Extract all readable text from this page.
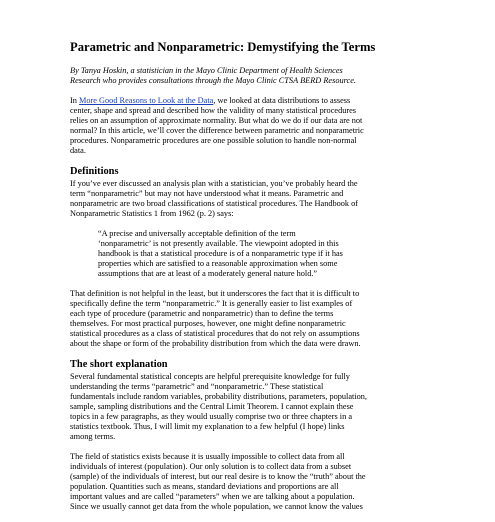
Parametric and Nonparametric: Demystifying the Terms
By Tanya Hoskin, a statistician in the Mayo Clinic Department of Health Sciences
Research who provides consultations through the Mayo Clinic CTSA BERD Resource.
In More Good Reasons to Look at the Data, we looked at data distributions to assess
center, shape and spread and described how the validity of many statistical procedures
relies on an assumption of approximate normality. But what do we do if our data are not
normal? In this article, we’ll cover the difference between parametric and nonparametric
procedures. Nonparametric procedures are one possible solution to handle non-normal
data.
Definitions
If you’ve ever discussed an analysis plan with a statistician, you’ve probably heard the
term “nonparametric” but may not have understood what it means. Parametric and
nonparametric are two broad classifications of statistical procedures. The Handbook of
Nonparametric Statistics 1 from 1962 (p. 2) says:
“A precise and universally acceptable definition of the term
‘nonparametric’ is not presently available. The viewpoint adopted in this
handbook is that a statistical procedure is of a nonparametric type if it has
properties which are satisfied to a reasonable approximation when some
assumptions that are at least of a moderately general nature hold.”
That definition is not helpful in the least, but it underscores the fact that it is difficult to
specifically define the term “nonparametric.” It is generally easier to list examples of
each type of procedure (parametric and nonparametric) than to define the terms
themselves. For most practical purposes, however, one might define nonparametric
statistical procedures as a class of statistical procedures that do not rely on assumptions
about the shape or form of the probability distribution from which the data were drawn.
The short explanation
Several fundamental statistical concepts are helpful prerequisite knowledge for fully
understanding the terms “parametric” and “nonparametric.” These statistical
fundamentals include random variables, probability distributions, parameters, population,
sample, sampling distributions and the Central Limit Theorem. I cannot explain these
topics in a few paragraphs, as they would usually comprise two or three chapters in a
statistics textbook. Thus, I will limit my explanation to a few helpful (I hope) links
among terms.
The field of statistics exists because it is usually impossible to collect data from all
individuals of interest (population). Our only solution is to collect data from a subset
(sample) of the individuals of interest, but our real desire is to know the “truth” about the
population. Quantities such as means, standard deviations and proportions are all
important values and are called “parameters” when we are talking about a population.
Since we usually cannot get data from the whole population, we cannot know the values
